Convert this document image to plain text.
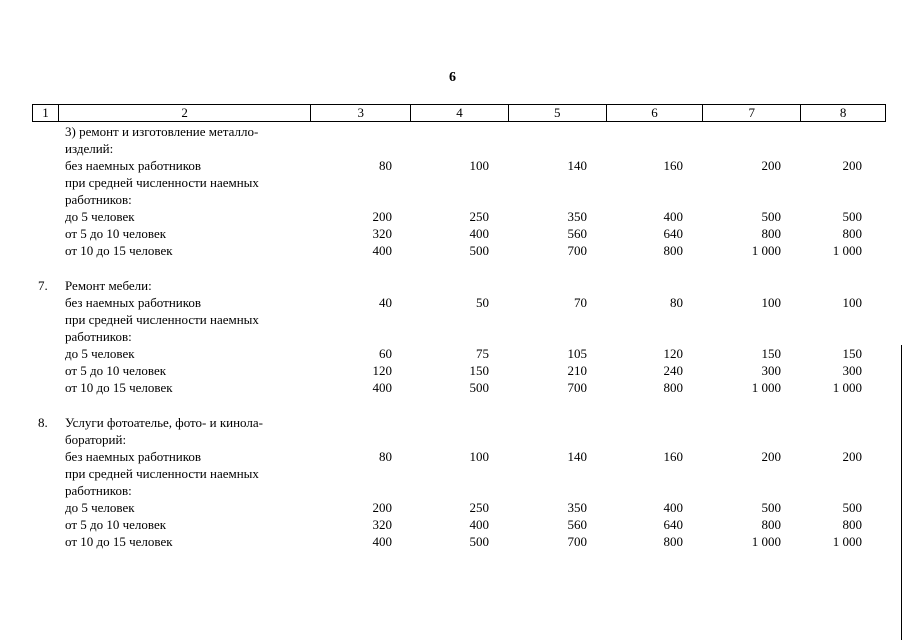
6
1	2	3	4	5	6	7	8
3) ремонт и изготовление металло-
изделий:
без наемных работников	80	100	140	160	200	200
при средней численности наемных
работников:
до 5 человек	200	250	350	400	500	500
от 5 до 10 человек	320	400	560	640	800	800
от 10 до 15 человек	400	500	700	800	1 000	1 000
7. Ремонт мебели:
без наемных работников	40	50	70	80	100	100
при средней численности наемных
работников:
до 5 человек	60	75	105	120	150	150
от 5 до 10 человек	120	150	210	240	300	300
от 10 до 15 человек	400	500	700	800	1 000	1 000
8. Услуги фотоателье, фото- и кинола-
бораторий:
без наемных работников	80	100	140	160	200	200
при средней численности наемных
работников:
до 5 человек	200	250	350	400	500	500
от 5 до 10 человек	320	400	560	640	800	800
от 10 до 15 человек	400	500	700	800	1 000	1 000
